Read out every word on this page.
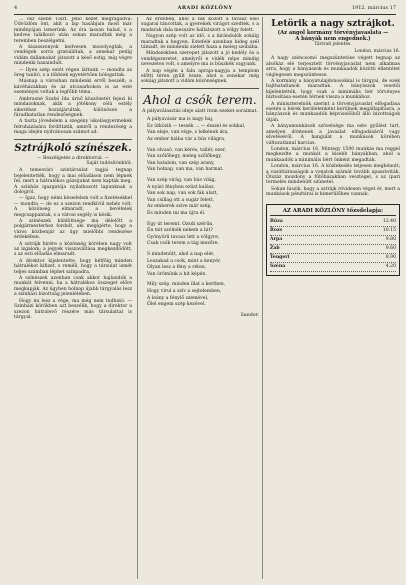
4	ARADI KÖZLÖNY	1912. március 17

... ösz szebb Tiszt. Jenő kezét megragadva: Üdvözlöm önt, akit a lap hasábjain most már mindnyájan ismerünk. Az óra lassan halad, s a kedves találkozó után sokan maradtak még a teremben beszélgetni.

A kisasszonyok kedvesen mosolyogtak, a vendégek sorra gratuláltak, a zenekar pedig vidám dallamokat játszott a késő estig, míg végre mindenki hazaindult.

— Ilyen szép estét régen láttunk — mondta az öreg tanító, s a többiek egyetértően bólogattak.

Másnap a városban mindenki erről beszélt; a kávéházakban és az utcasarkokon is az este eseményei voltak a legfőbb téma.

Ambrusné Szabó Ida úrnő köszönetét fejezi ki mindazoknak, akik a jótékony célú estély sikeréhez hozzájárultak, különösen a fáradhatatlan rendezőségnek.

A tiszta jövedelem a szegény iskolásgyermekek felruházására fordíttatik, amiről a rendezőség a maga idején nyilvánosan számot ad.

Sztrájkoló színészek.
— Beszélgetés a direktorral. —
Saját tudósítónktól.

A temesvári színtársulat tagjai tegnap bejelentették, hogy a mai előadáson nem lépnek fel, mert a hátralékos gázsijukat nem kapták meg. A színház igazgatója nyilatkozott lapunknak a dologról.

— Igaz, hogy némi késedelem volt a fizetésekkel — mondta — de ez a szezon rendkívül nehéz volt. A közönség elmaradt, a bevételek megcsappantak, s a városi segély is késik.

A színészek küldöttsége ma délelőtt a polgármesterhez fordult, aki megígérte, hogy a város közbenjár az ügy mielőbbi rendezése érdekében.

A sztrájk hírére a közönség körében nagy volt az izgalom; a jegyek visszaváltása megkezdődött, s az esti előadás elmaradt.

A direktor kijelentette, hogy hétfőig minden hátralékot kifizet, s reméli, hogy a társulat ismét teljes számban léphet színpadra.

A színészek azonban csak akkor hajlandók a munkát felvenni, ha a hátralékos összeget előre megkapják. Az ügyben holnap újabb tárgyalás lesz a színházi bizottság jelenlétében.

Hogy mi lesz a vége, ma még nem tudható. — Szinházi körökben azt beszélik, hogy a direktor a szezon hátralevő részére más társulattal is tárgyal.

Az erdőben, ahol a fák között a tavasz első sugarai táncoltak, a gyerekek virágot szedtek, s a madarak dala messzire hallatszott a völgy felett.

Nagyon szép volt az idő, s a kirándulók sokáig maradtak a hegyen. Estefelé azonban hideg szél támadt, és mindenki sietett haza a meleg szobába.

Mindezekben szerepet játszott a jó kedély és a vendégszeretet, amelyről e vidék népe mindig nevezetes volt, s amelyre ma is büszkék vagyunk.

A nap végén a falu apraja-nagyja a templom előtti téren gyűlt össze, ahol a zenekar még sokáig játszott a vidám közönségnek.

Ahol a csók terem.
A pályaválasztás ideje alatt írom ezeket soraimat.
A pályavásár ma is nagy baj,
Ez ütközik — tessék ... — ésszel és sokkal,
Van eleje, van vége, s lelkének ára,
Az ember hiába vár a bús világra.
Van olvasó, van kérés, tallér, ezer,
Van szőlőhegy, meleg szőlőhegy,
Van hatalom, van szép arany,
Van holnap, van ma, van harmat.
Van szép virág, van bús világ,
A nyári fényben ezüst kalász,
Van sok nap, van sok fák alatt,
Van csillag ott a sugár felett,
Az emberek szíve már szép,
És minden mi ma újra él.
Egy út teremt. Ozsdi szérűn,
Én mit szólnék nekem a hit?
Gyönyörű tavasz lett a völgyre,
Csak csók terem a tág mezőre.
S mindenütt, ahol a nap elér,
Leszakad a csók, mint a kenyér,
Olyan lesz a fény a réten,
Van örömünk a hit képén.
Mily szép, minden illat a kertben,
Hogy virul a szív a sejtelemben,
A leány a fénylő szemével,
Ölel engem szép kezével.
Sandor.
Letörik a nagy sztrájkot.
(Az angol kormány törvényjavaslata —
A bányák nem engednek.)
Távirati jelentés.
London, március 16.

A nagy széncsomó megszüntetése végett tegnap az alsóház elé terjesztett törvényjavaslat nem alkalmas arra, hogy a bányászok és munkaadók közötti ellentétet véglegesen megszüntesse.

A kormány a bányatulajdonosokkal is tárgyal, de ezek hajthatatlanok maradtak. A bányászok vezetői kijelentették, hogy csak a minimális bér törvényes biztosítása esetén térnek vissza a munkához.

A miniszterelnök szerint a törvényjavaslat elfogadása esetén a bérek kerületenként kerülnek megállapításra, a bányászok és munkaadók képviselőiből álló bizottságok útján.

A bányamunkások szövetsége ma este gyűlést tart, amelyen döntenek a javaslat elfogadásáról vagy elvetéséről. A hangulat a munkások körében változatlanul harcias.

London, március 16. Mintegy 1500 munkás ma reggel megkezdte a munkát a kisebb bányákban, ahol a munkaadók a minimális bért önként megadták.

London, március 16. A közlekedés teljesen megbénult; a vasúttársaságok a vonatok számát tovább apasztották. Ötszáz mozdony a fűtőházakban vesztegel, s az ipari termelés mindenütt szünetel.

Sokan hiszik, hogy a sztrájk rövidesen véget ér, mert a munkások pénztárai is kimerülőben vannak.

AZ ARADI KÖZLÖNY tőzsdelapja:
Búza	12.40
Rozs	10.15
Árpa	9.80
Zab	9.60
Tengeri	8.90
Széna	4.20
